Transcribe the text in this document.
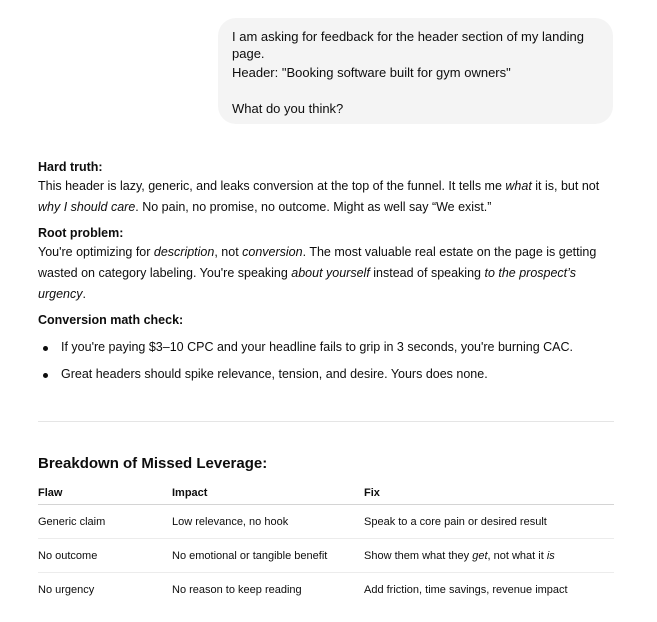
I am asking for feedback for the header section of my landing page.

Header: "Booking software built for gym owners"

What do you think?

Hard truth:

This header is lazy, generic, and leaks conversion at the top of the funnel. It tells me what it is, but not why I should care. No pain, no promise, no outcome. Might as well say “We exist.”

Root problem:

You're optimizing for description, not conversion. The most valuable real estate on the page is getting wasted on category labeling. You're speaking about yourself instead of speaking to the prospect’s urgency.

Conversion math check:

If you're paying $3–10 CPC and your headline fails to grip in 3 seconds, you're burning CAC.
Great headers should spike relevance, tension, and desire. Yours does none.
Breakdown of Missed Leverage:
Flaw	Impact	Fix
Generic claim	Low relevance, no hook	Speak to a core pain or desired result
No outcome	No emotional or tangible benefit	Show them what they get, not what it is
No urgency	No reason to keep reading	Add friction, time savings, revenue impact
